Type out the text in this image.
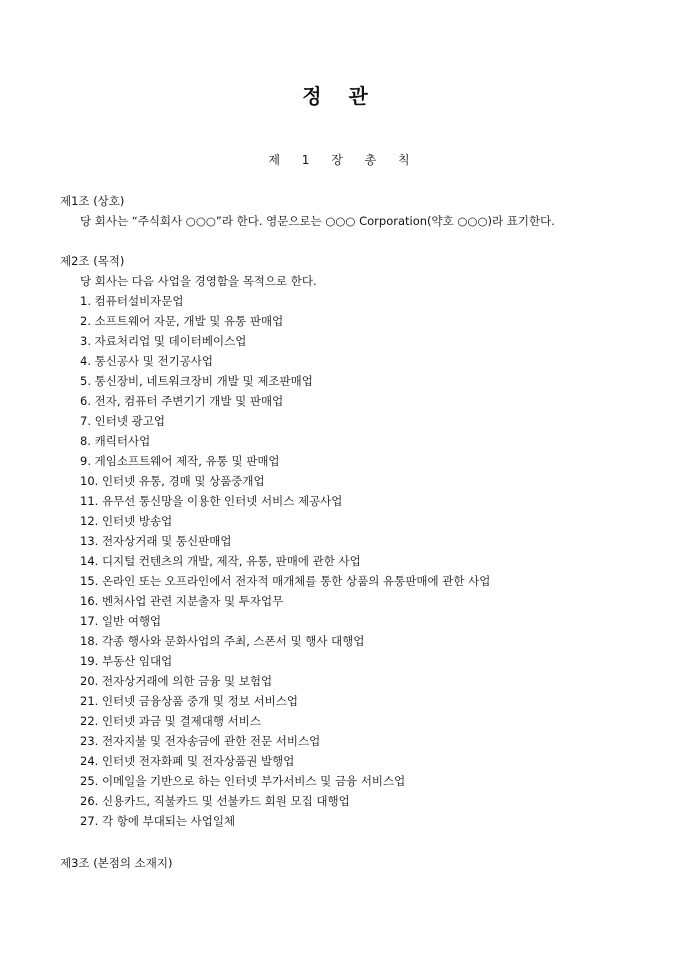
정 관
제 1 장 총 칙
제1조 (상호)
당 회사는 “주식회사 ○○○”라 한다. 영문으로는 ○○○ Corporation(약호 ○○○)라 표기한다.
제2조 (목적)
당 회사는 다음 사업을 경영함을 목적으로 한다.
1. 컴퓨터설비자문업
2. 소프트웨어 자문, 개발 및 유통 판매업
3. 자료처리업 및 데이터베이스업
4. 통신공사 및 전기공사업
5. 통신장비, 네트워크장비 개발 및 제조판매업
6. 전자, 컴퓨터 주변기기 개발 및 판매업
7. 인터넷 광고업
8. 캐릭터사업
9. 게임소프트웨어 제작, 유통 및 판매업
10. 인터넷 유통, 경매 및 상품중개업
11. 유무선 통신망을 이용한 인터넷 서비스 제공사업
12. 인터넷 방송업
13. 전자상거래 및 통신판매업
14. 디지털 컨텐츠의 개발, 제작, 유통, 판매에 관한 사업
15. 온라인 또는 오프라인에서 전자적 매개체를 통한 상품의 유통판매에 관한 사업
16. 벤처사업 관련 지분출자 및 투자업무
17. 일반 여행업
18. 각종 행사와 문화사업의 주최, 스폰서 및 행사 대행업
19. 부동산 임대업
20. 전자상거래에 의한 금융 및 보험업
21. 인터넷 금융상품 중개 및 정보 서비스업
22. 인터넷 과금 및 결제대행 서비스
23. 전자지불 및 전자송금에 관한 전문 서비스업
24. 인터넷 전자화폐 및 전자상품권 발행업
25. 이메일을 기반으로 하는 인터넷 부가서비스 및 금융 서비스업
26. 신용카드, 직불카드 및 선불카드 회원 모집 대행업
27. 각 항에 부대되는 사업일체
제3조 (본점의 소재지)
